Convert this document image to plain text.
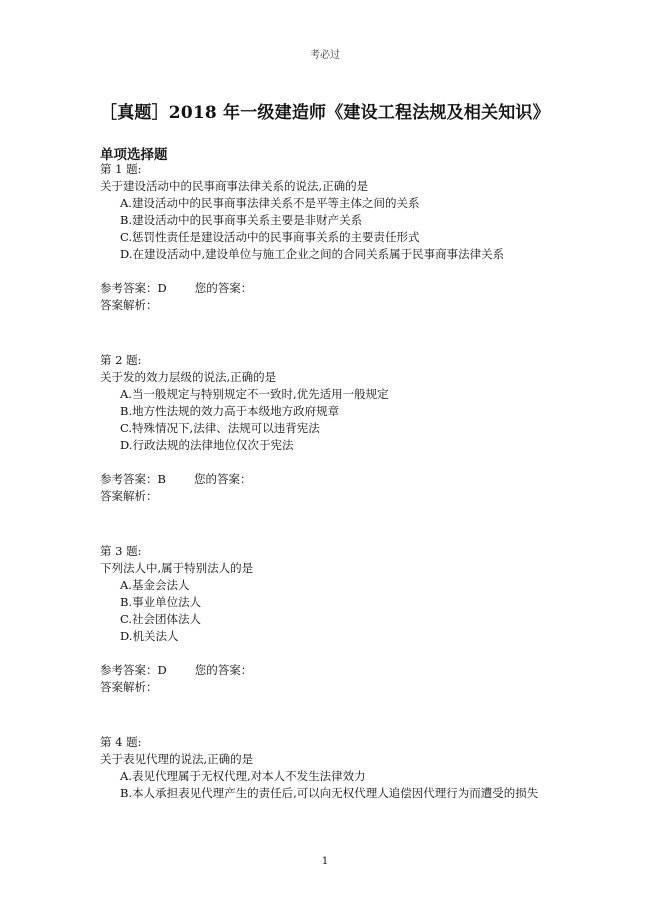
考必过
［真题］2018 年一级建造师《建设工程法规及相关知识》
单项选择题
第 1 题:
关于建设活动中的民事商事法律关系的说法,正确的是
A.建设活动中的民事商事法律关系不是平等主体之间的关系
B.建设活动中的民事商事关系主要是非财产关系
C.惩罚性责任是建设活动中的民事商事关系的主要责任形式
D.在建设活动中,建设单位与施工企业之间的合同关系属于民事商事法律关系
参考答案：D 您的答案：
答案解析：
第 2 题:
关于发的效力层级的说法,正确的是
A.当一般规定与特别规定不一致时,优先适用一般规定
B.地方性法规的效力高于本级地方政府规章
C.特殊情况下,法律、法规可以违背宪法
D.行政法规的法律地位仅次于宪法
参考答案：B 您的答案：
答案解析：
第 3 题:
下列法人中,属于特别法人的是
A.基金会法人
B.事业单位法人
C.社会团体法人
D.机关法人
参考答案：D 您的答案：
答案解析：
第 4 题:
关于表见代理的说法,正确的是
A.表见代理属于无权代理,对本人不发生法律效力
B.本人承担表见代理产生的责任后,可以向无权代理人追偿因代理行为而遭受的损失
1
